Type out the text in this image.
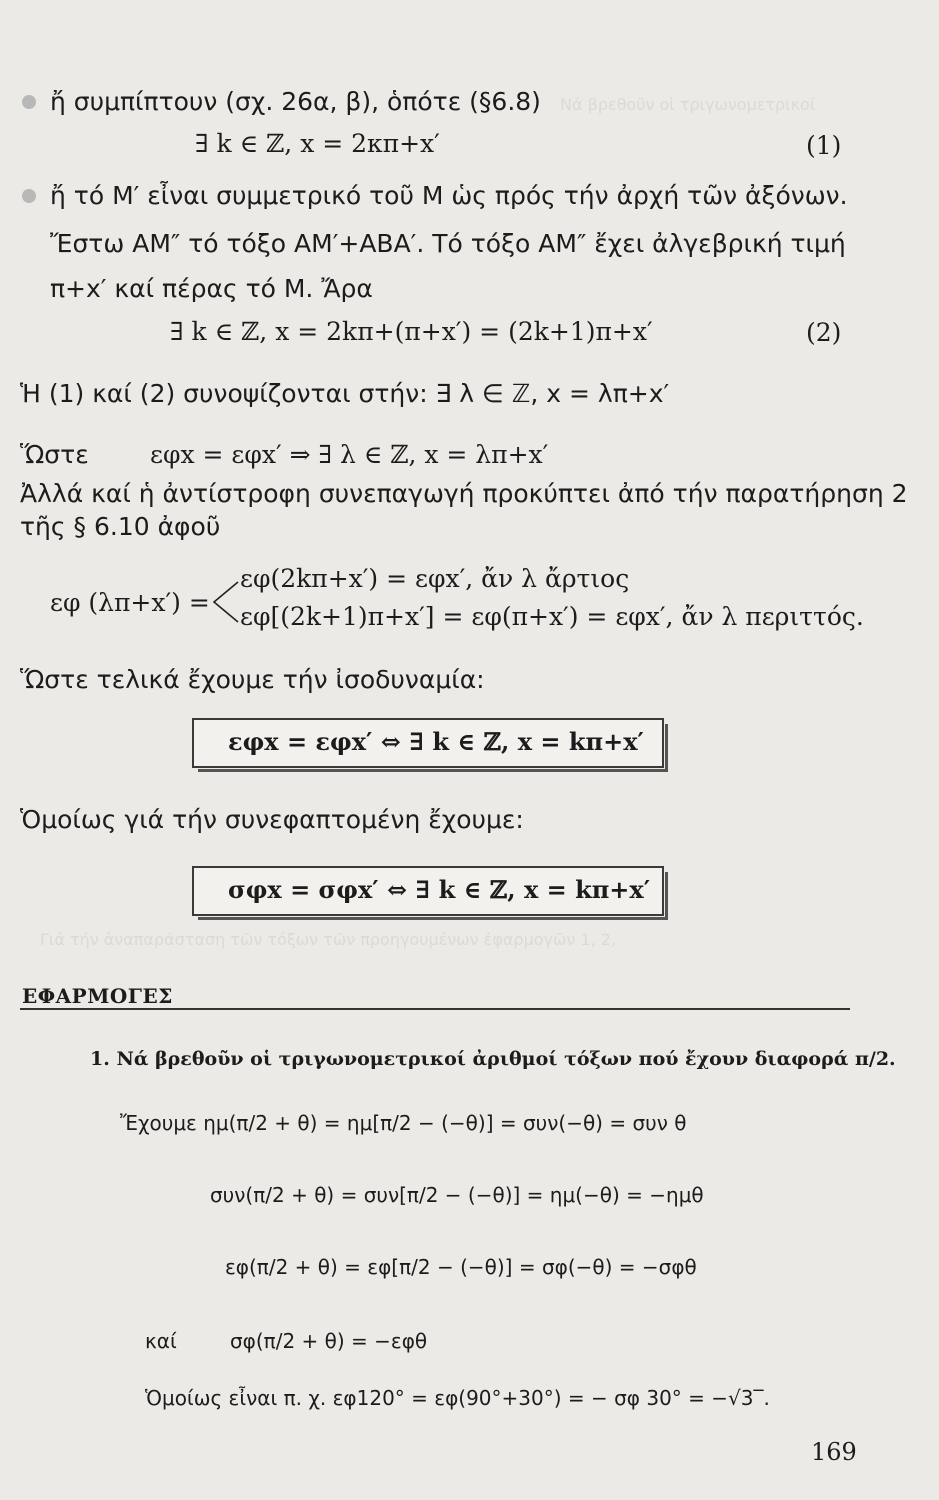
Νά βρεθοῦν οἱ τριγωνομετρικοί
Γιά τήν ἀναπαράσταση τῶν τόξων τῶν προηγουμένων ἐφαρμογῶν 1, 2,
ἤ συμπίπτουν (σχ. 26α, β), ὁπότε (§6.8)
∃ k ∈ ℤ, x = 2κπ+x′	(1)
ἤ τό M′ εἶναι συμμετρικό τοῦ M ὡς πρός τήν ἀρχή τῶν ἀξόνων.
Ἔστω AM″ τό τόξο AM′+ABA′. Τό τόξο AM″ ἔχει ἀλγεβρική τιμή
π+x′ καί πέρας τό M. Ἄρα
∃ k ∈ ℤ, x = 2kπ+(π+x′) = (2k+1)π+x′	(2)
Ἡ (1) καί (2) συνοψίζονται στήν: ∃ λ ∈ ℤ, x = λπ+x′
Ὥστε εφx = εφx′ ⇒ ∃ λ ∈ ℤ, x = λπ+x′
Ἀλλά καί ἡ ἀντίστροφη συνεπαγωγή προκύπτει ἀπό τήν παρατήρηση 2
τῆς § 6.10 ἀφοῦ
εφ (λπ+x′) =
εφ(2kπ+x′) = εφx′, ἄν λ ἄρτιος
εφ[(2k+1)π+x′] = εφ(π+x′) = εφx′, ἄν λ περιττός.
Ὥστε τελικά ἔχουμε τήν ἰσοδυναμία:
εφx = εφx′ ⇔ ∃ k ∈ ℤ, x = kπ+x′
Ὁμοίως γιά τήν συνεφαπτομένη ἔχουμε:
σφx = σφx′ ⇔ ∃ k ∈ ℤ, x = kπ+x′
ΕΦΑΡΜΟΓΕΣ
1. Νά βρεθοῦν οἱ τριγωνομετρικοί ἀριθμοί τόξων πού ἔχουν διαφορά π/2.
Ἔχουμε ημ(π/2 + θ) = ημ[π/2 − (−θ)] = συν(−θ) = συν θ
συν(π/2 + θ) = συν[π/2 − (−θ)] = ημ(−θ) = −ημθ
εφ(π/2 + θ) = εφ[π/2 − (−θ)] = σφ(−θ) = −σφθ
καί	σφ(π/2 + θ) = −εφθ
Ὁμοίως εἶναι π. χ. εφ120° = εφ(90°+30°) = − σφ 30° = −√3‾.
169
